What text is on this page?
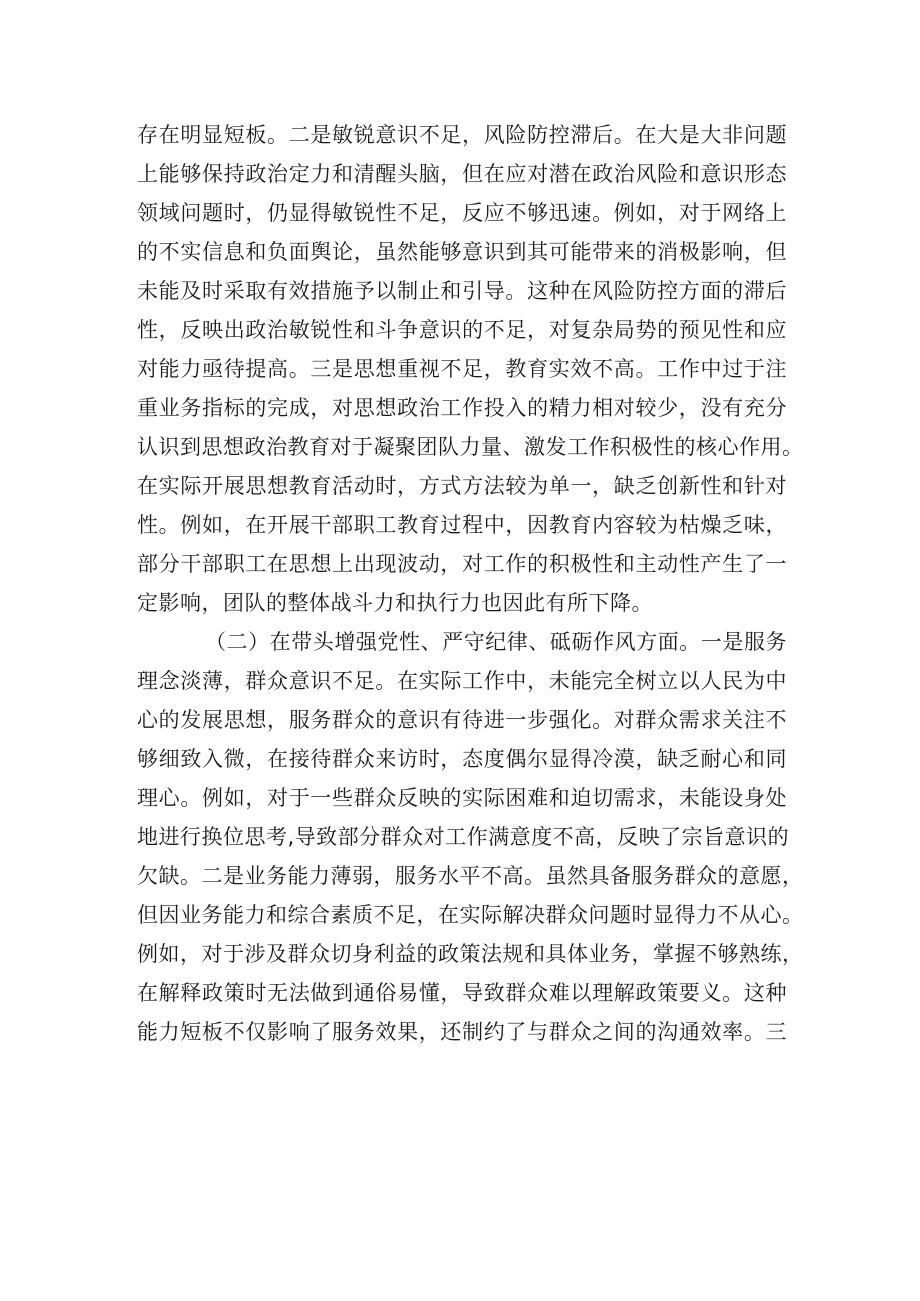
存在明显短板。二是敏锐意识不足，风险防控滞后。在大是大非问题
上能够保持政治定力和清醒头脑，但在应对潜在政治风险和意识形态
领域问题时，仍显得敏锐性不足，反应不够迅速。例如，对于网络上
的不实信息和负面舆论，虽然能够意识到其可能带来的消极影响，但
未能及时采取有效措施予以制止和引导。这种在风险防控方面的滞后
性，反映出政治敏锐性和斗争意识的不足，对复杂局势的预见性和应
对能力亟待提高。三是思想重视不足，教育实效不高。工作中过于注
重业务指标的完成，对思想政治工作投入的精力相对较少，没有充分
认识到思想政治教育对于凝聚团队力量、激发工作积极性的核心作用。
在实际开展思想教育活动时，方式方法较为单一，缺乏创新性和针对
性。例如，在开展干部职工教育过程中，因教育内容较为枯燥乏味，
部分干部职工在思想上出现波动，对工作的积极性和主动性产生了一
定影响，团队的整体战斗力和执行力也因此有所下降。
（二）在带头增强党性、严守纪律、砥砺作风方面。一是服务
理念淡薄，群众意识不足。在实际工作中，未能完全树立以人民为中
心的发展思想，服务群众的意识有待进一步强化。对群众需求关注不
够细致入微，在接待群众来访时，态度偶尔显得冷漠，缺乏耐心和同
理心。例如，对于一些群众反映的实际困难和迫切需求，未能设身处
地进行换位思考,导致部分群众对工作满意度不高，反映了宗旨意识的
欠缺。二是业务能力薄弱，服务水平不高。虽然具备服务群众的意愿，
但因业务能力和综合素质不足，在实际解决群众问题时显得力不从心。
例如，对于涉及群众切身利益的政策法规和具体业务，掌握不够熟练，
在解释政策时无法做到通俗易懂，导致群众难以理解政策要义。这种
能力短板不仅影响了服务效果，还制约了与群众之间的沟通效率。三
